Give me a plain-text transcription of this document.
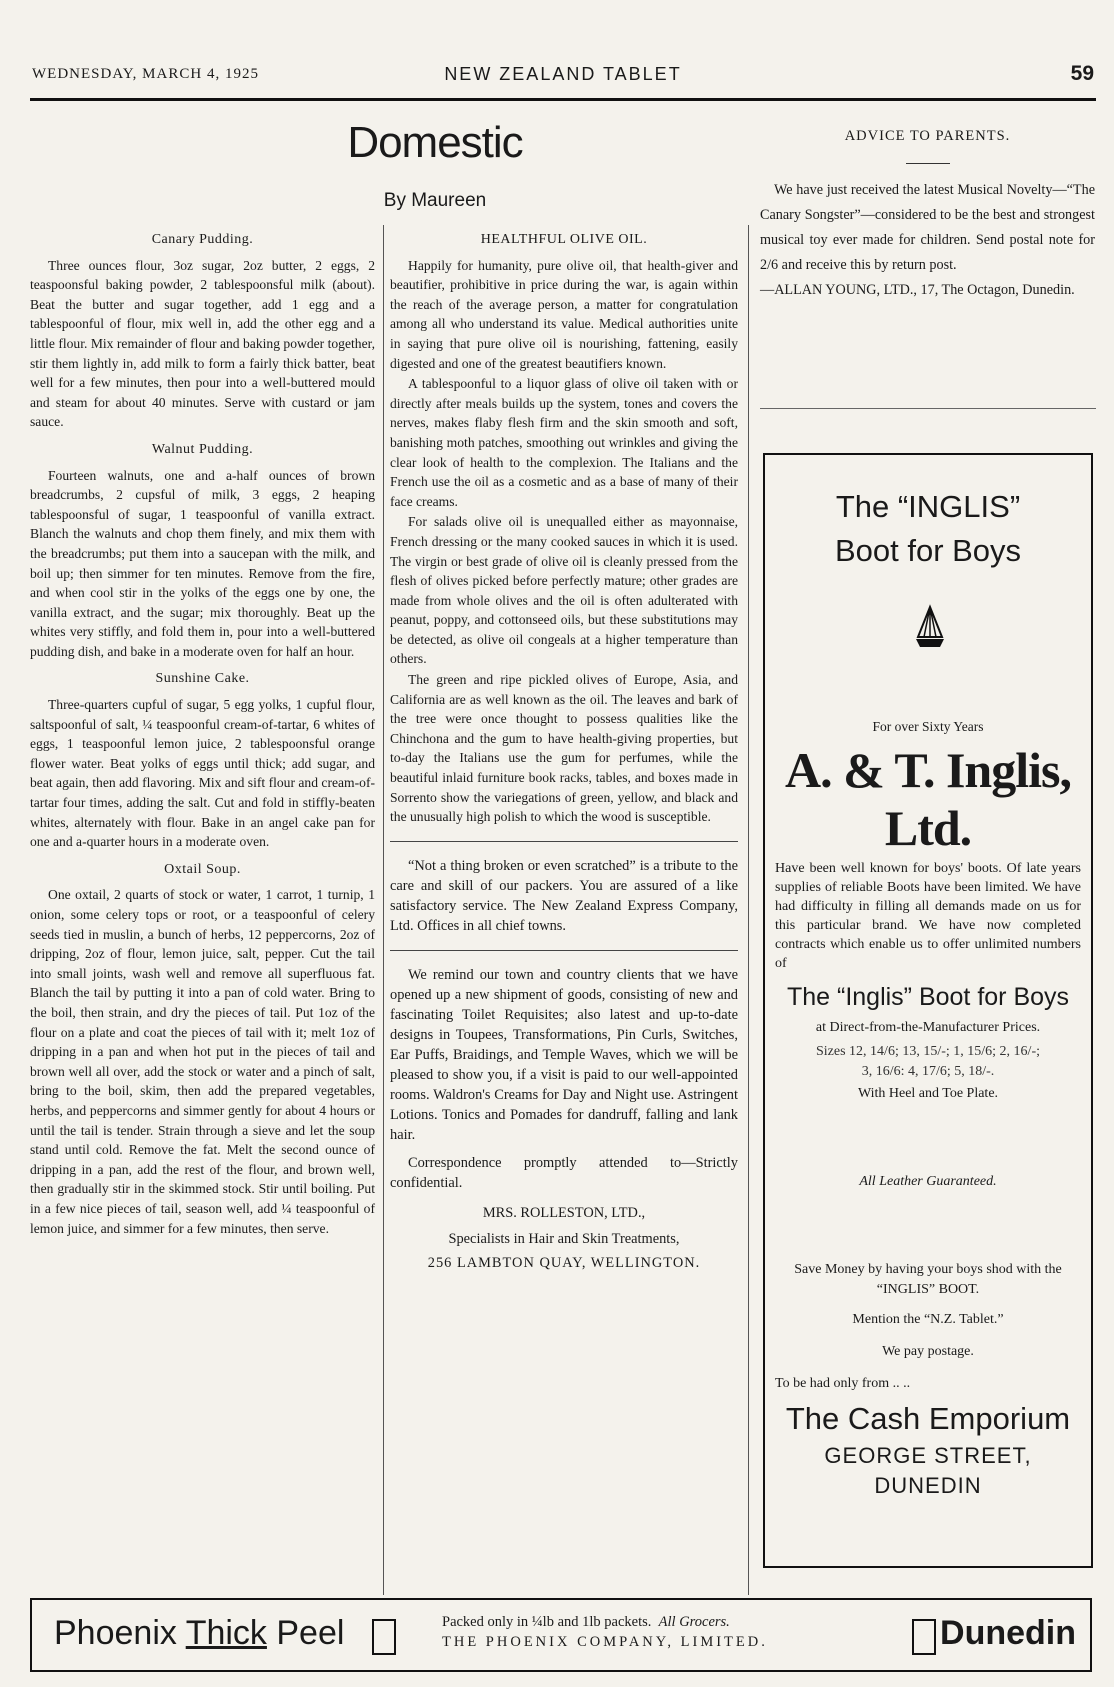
WEDNESDAY, MARCH 4, 1925	NEW ZEALAND TABLET	59
Domestic
By Maureen
Canary Pudding.

Three ounces flour, 3oz sugar, 2oz butter, 2 eggs, 2 teaspoonsful baking powder, 2 tablespoonsful milk (about). Beat the butter and sugar together, add 1 egg and a tablespoonful of flour, mix well in, add the other egg and a little flour. Mix remainder of flour and baking powder together, stir them lightly in, add milk to form a fairly thick batter, beat well for a few minutes, then pour into a well-buttered mould and steam for about 40 minutes. Serve with custard or jam sauce.

Walnut Pudding.

Fourteen walnuts, one and a-half ounces of brown breadcrumbs, 2 cupsful of milk, 3 eggs, 2 heaping tablespoonsful of sugar, 1 teaspoonful of vanilla extract. Blanch the walnuts and chop them finely, and mix them with the breadcrumbs; put them into a saucepan with the milk, and boil up; then simmer for ten minutes. Remove from the fire, and when cool stir in the yolks of the eggs one by one, the vanilla extract, and the sugar; mix thoroughly. Beat up the whites very stiffly, and fold them in, pour into a well-buttered pudding dish, and bake in a moderate oven for half an hour.

Sunshine Cake.

Three-quarters cupful of sugar, 5 egg yolks, 1 cupful flour, saltspoonful of salt, ¼ teaspoonful cream-of-tartar, 6 whites of eggs, 1 teaspoonful lemon juice, 2 tablespoonsful orange flower water. Beat yolks of eggs until thick; add sugar, and beat again, then add flavoring. Mix and sift flour and cream-of-tartar four times, adding the salt. Cut and fold in stiffly-beaten whites, alternately with flour. Bake in an angel cake pan for one and a-quarter hours in a moderate oven.

Oxtail Soup.

One oxtail, 2 quarts of stock or water, 1 carrot, 1 turnip, 1 onion, some celery tops or root, or a teaspoonful of celery seeds tied in muslin, a bunch of herbs, 12 peppercorns, 2oz of dripping, 2oz of flour, lemon juice, salt, pepper. Cut the tail into small joints, wash well and remove all superfluous fat. Blanch the tail by putting it into a pan of cold water. Bring to the boil, then strain, and dry the pieces of tail. Put 1oz of the flour on a plate and coat the pieces of tail with it; melt 1oz of dripping in a pan and when hot put in the pieces of tail and brown well all over, add the stock or water and a pinch of salt, bring to the boil, skim, then add the prepared vegetables, herbs, and peppercorns and simmer gently for about 4 hours or until the tail is tender. Strain through a sieve and let the soup stand until cold. Remove the fat. Melt the second ounce of dripping in a pan, add the rest of the flour, and brown well, then gradually stir in the skimmed stock. Stir until boiling. Put in a few nice pieces of tail, season well, add ¼ teaspoonful of lemon juice, and simmer for a few minutes, then serve.

HEALTHFUL OLIVE OIL.

Happily for humanity, pure olive oil, that health-giver and beautifier, prohibitive in price during the war, is again within the reach of the average person, a matter for congratulation among all who understand its value. Medical authorities unite in saying that pure olive oil is nourishing, fattening, easily digested and one of the greatest beautifiers known.

A tablespoonful to a liquor glass of olive oil taken with or directly after meals builds up the system, tones and covers the nerves, makes flaby flesh firm and the skin smooth and soft, banishing moth patches, smoothing out wrinkles and giving the clear look of health to the complexion. The Italians and the French use the oil as a cosmetic and as a base of many of their face creams.

For salads olive oil is unequalled either as mayonnaise, French dressing or the many cooked sauces in which it is used. The virgin or best grade of olive oil is cleanly pressed from the flesh of olives picked before perfectly mature; other grades are made from whole olives and the oil is often adulterated with peanut, poppy, and cottonseed oils, but these substitutions may be detected, as olive oil congeals at a higher temperature than others.

The green and ripe pickled olives of Europe, Asia, and California are as well known as the oil. The leaves and bark of the tree were once thought to possess qualities like the Chinchona and the gum to have health-giving properties, but to-day the Italians use the gum for perfumes, while the beautiful inlaid furniture book racks, tables, and boxes made in Sorrento show the variegations of green, yellow, and black and the unusually high polish to which the wood is susceptible.

“Not a thing broken or even scratched” is a tribute to the care and skill of our packers. You are assured of a like satisfactory service. The New Zealand Express Company, Ltd. Offices in all chief towns.

We remind our town and country clients that we have opened up a new shipment of goods, consisting of new and fascinating Toilet Requisites; also latest and up-to-date designs in Toupees, Transformations, Pin Curls, Switches, Ear Puffs, Braidings, and Temple Waves, which we will be pleased to show you, if a visit is paid to our well-appointed rooms. Waldron's Creams for Day and Night use. Astringent Lotions. Tonics and Pomades for dandruff, falling and lank hair.

Correspondence promptly attended to—Strictly confidential.

MRS. ROLLESTON, LTD.,

Specialists in Hair and Skin Treatments,

256 LAMBTON QUAY, WELLINGTON.

ADVICE TO PARENTS.
We have just received the latest Musical Novelty—“The Canary Songster”—considered to be the best and strongest musical toy ever made for children. Send postal note for 2/6 and receive this by return post.
—ALLAN YOUNG, LTD., 17, The Octagon, Dunedin.
The “INGLIS”
Boot for Boys
For over Sixty Years
A. & T. Inglis, Ltd.
Have been well known for boys' boots. Of late years supplies of reliable Boots have been limited. We have had difficulty in filling all demands made on us for this particular brand. We have now completed contracts which enable us to offer unlimited numbers of
The “Inglis” Boot for Boys
at Direct-from-the-Manufacturer Prices.
Sizes 12, 14/6; 13, 15/-; 1, 15/6; 2, 16/-;
3, 16/6: 4, 17/6; 5, 18/-.
With Heel and Toe Plate.
All Leather Guaranteed.
Save Money by having your boys shod with the “INGLIS” BOOT.
Mention the “N.Z. Tablet.”
We pay postage.
To be had only from .. ..
The Cash Emporium
GEORGE STREET,
DUNEDIN
Phoenix Thick Peel	Packed only in ¼lb and 1lb packets. All Grocers.
THE PHOENIX COMPANY, LIMITED.	Dunedin
